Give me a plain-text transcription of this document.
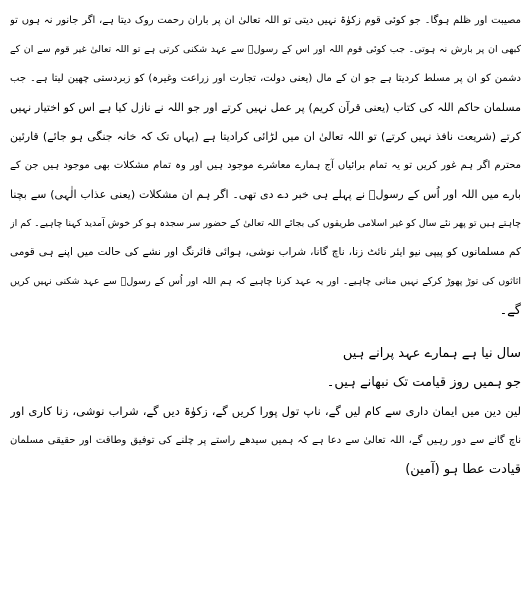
مصیبت اور ظلم ہوگا۔ جو کوئی قوم زکوٰۃ نہیں دیتی تو اللہ تعالیٰ ان پر باران رحمت روک دیتا ہے، اگر جانور نہ ہوں تو
کبھی ان پر بارش نہ ہوتی۔ جب کوئی قوم اللہ اور اس کے رسولؐ سے عہد شکنی کرتی ہے تو اللہ تعالیٰ غیر قوم سے ان کے
دشمن کو ان پر مسلط کردیتا ہے جو ان کے مال (یعنی دولت، تجارت اور زراعت وغیرہ) کو زبردستی چھین لیتا ہے۔ جب
مسلمان حاکم اللہ کی کتاب (یعنی قرآن کریم) پر عمل نہیں کرتے اور جو اللہ نے نازل کیا ہے اس کو اختیار نہیں
کرتے (شریعت نافذ نہیں کرتے) تو اللہ تعالیٰ ان میں لڑائی کرادیتا ہے (یہاں تک کہ خانہ جنگی ہو جائے) قارئین
محترم اگر ہم غور کریں تو یہ تمام برائیاں آج ہمارے معاشرے موجود ہیں اور وہ تمام مشکلات بھی موجود ہیں جن کے
بارے میں اللہ اور اُس کے رسولؐ نے پہلے ہی خبر دے دی تھی۔ اگر ہم ان مشکلات (یعنی عذاب الٰہی) سے بچنا
چاہتے ہیں تو پھر نئے سال کو غیر اسلامی طریقوں کی بجائے اللہ تعالیٰ کے حضور سر سجدہ ہو کر خوش آمدید کہنا چاہیے۔ کم از
کم مسلمانوں کو پیپی نیو ایئر نائٹ زنا، ناچ گانا، شراب نوشی، ہوائی فائرنگ اور نشے کی حالت میں اپنے ہی قومی
اثاثوں کی توڑ پھوڑ کرکے نہیں منانی چاہیے۔ اور یہ عہد کرنا چاہیے کہ ہم اللہ اور اُس کے رسولؐ سے عہد شکنی نہیں کریں
گے۔
سال نیا ہے ہمارے عہد پرانے ہیں
جو ہمیں روز قیامت تک نبھانے ہیں۔
لین دین میں ایمان داری سے کام لیں گے، ناپ تول پورا کریں گے، زکوٰۃ دیں گے، شراب نوشی، زنا کاری اور
ناچ گانے سے دور رہیں گے، اللہ تعالیٰ سے دعا ہے کہ ہمیں سیدھے راستے پر چلنے کی توفیق وطاقت اور حقیقی مسلمان
قیادت عطا ہو (آمین)
